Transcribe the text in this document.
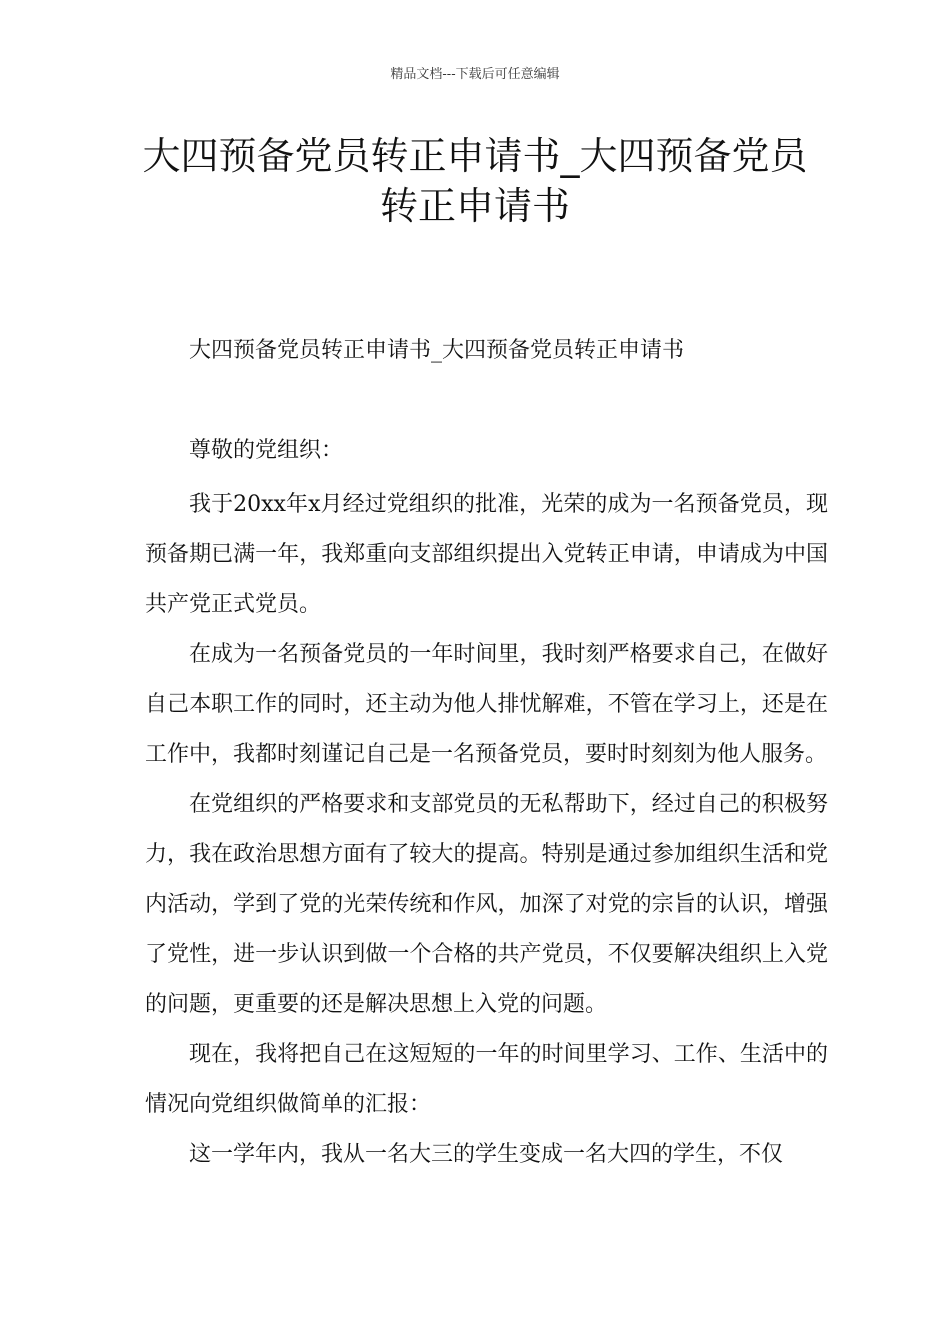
精品文档---下载后可任意编辑

大四预备党员转正申请书_大四预备党员转正申请书

大四预备党员转正申请书_大四预备党员转正申请书

尊敬的党组织：

我于20xx年x月经过党组织的批准，光荣的成为一名预备党员，现预备期已满一年，我郑重向支部组织提出入党转正申请，申请成为中国共产党正式党员。

在成为一名预备党员的一年时间里，我时刻严格要求自己，在做好自己本职工作的同时，还主动为他人排忧解难，不管在学习上，还是在工作中，我都时刻谨记自己是一名预备党员，要时时刻刻为他人服务。

在党组织的严格要求和支部党员的无私帮助下，经过自己的积极努力，我在政治思想方面有了较大的提高。特别是通过参加组织生活和党内活动，学到了党的光荣传统和作风，加深了对党的宗旨的认识，增强了党性，进一步认识到做一个合格的共产党员，不仅要解决组织上入党的问题，更重要的还是解决思想上入党的问题。

现在，我将把自己在这短短的一年的时间里学习、工作、生活中的情况向党组织做简单的汇报：

这一学年内，我从一名大三的学生变成一名大四的学生，不仅
